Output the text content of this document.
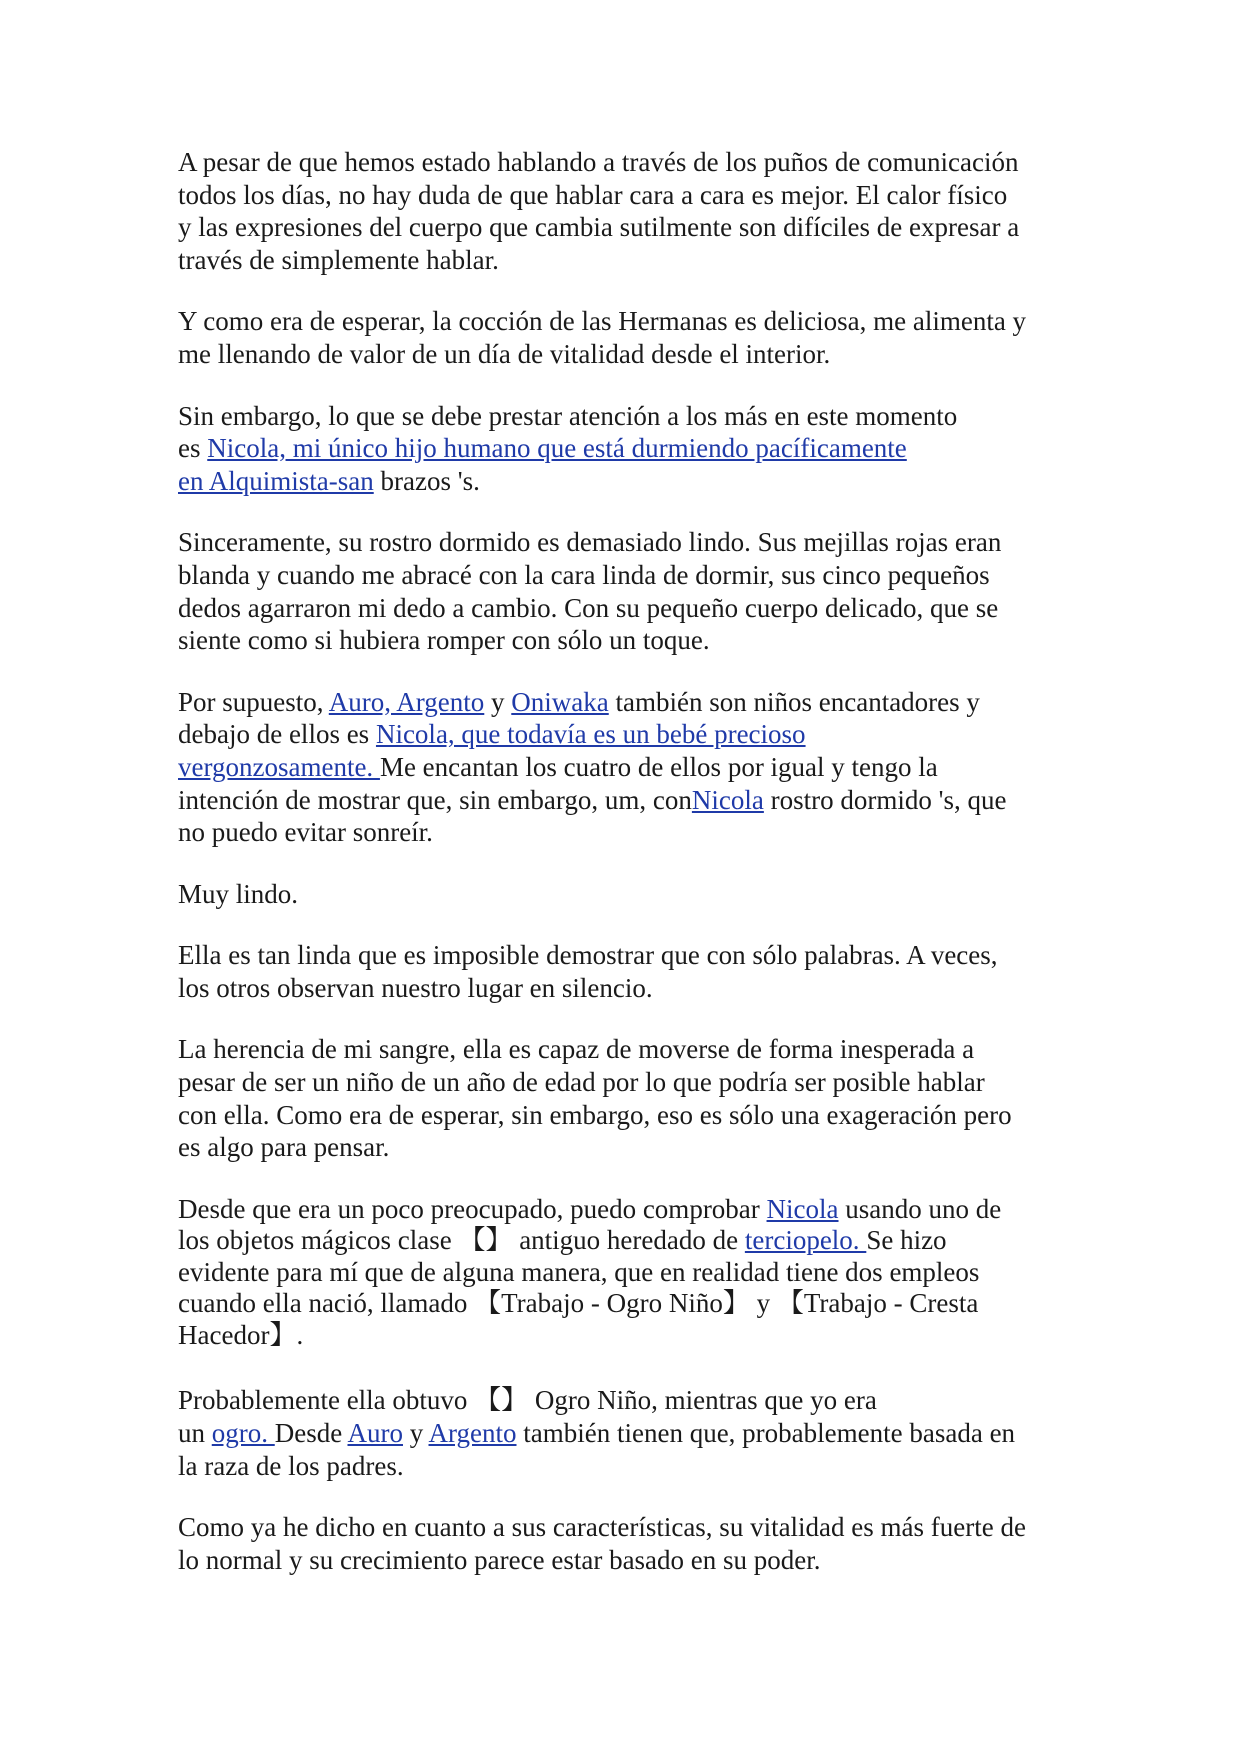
A pesar de que hemos estado hablando a través de los puños de comunicación
todos los días, no hay duda de que hablar cara a cara es mejor. El calor físico
y las expresiones del cuerpo que cambia sutilmente son difíciles de expresar a
través de simplemente hablar.
Y como era de esperar, la cocción de las Hermanas es deliciosa, me alimenta y
me llenando de valor de un día de vitalidad desde el interior.
Sin embargo, lo que se debe prestar atención a los más en este momento
es Nicola, mi único hijo humano que está durmiendo pacíficamente
en Alquimista-san brazos 's.
Sinceramente, su rostro dormido es demasiado lindo. Sus mejillas rojas eran
blanda y cuando me abracé con la cara linda de dormir, sus cinco pequeños
dedos agarraron mi dedo a cambio. Con su pequeño cuerpo delicado, que se
siente como si hubiera romper con sólo un toque.
Por supuesto, Auro, Argento y Oniwaka también son niños encantadores y
debajo de ellos es Nicola, que todavía es un bebé precioso
vergonzosamente. Me encantan los cuatro de ellos por igual y tengo la
intención de mostrar que, sin embargo, um, conNicola rostro dormido 's, que
no puedo evitar sonreír.
Muy lindo.
Ella es tan linda que es imposible demostrar que con sólo palabras. A veces,
los otros observan nuestro lugar en silencio.
La herencia de mi sangre, ella es capaz de moverse de forma inesperada a
pesar de ser un niño de un año de edad por lo que podría ser posible hablar
con ella. Como era de esperar, sin embargo, eso es sólo una exageración pero
es algo para pensar.
Desde que era un poco preocupado, puedo comprobar Nicola usando uno de
los objetos mágicos clase 【】 antiguo heredado de terciopelo. Se hizo
evidente para mí que de alguna manera, que en realidad tiene dos empleos
cuando ella nació, llamado 【Trabajo - Ogro Niño】 y 【Trabajo - Cresta
Hacedor】.
Probablemente ella obtuvo 【】 Ogro Niño, mientras que yo era
un ogro. Desde Auro y Argento también tienen que, probablemente basada en
la raza de los padres.
Como ya he dicho en cuanto a sus características, su vitalidad es más fuerte de
lo normal y su crecimiento parece estar basado en su poder.
